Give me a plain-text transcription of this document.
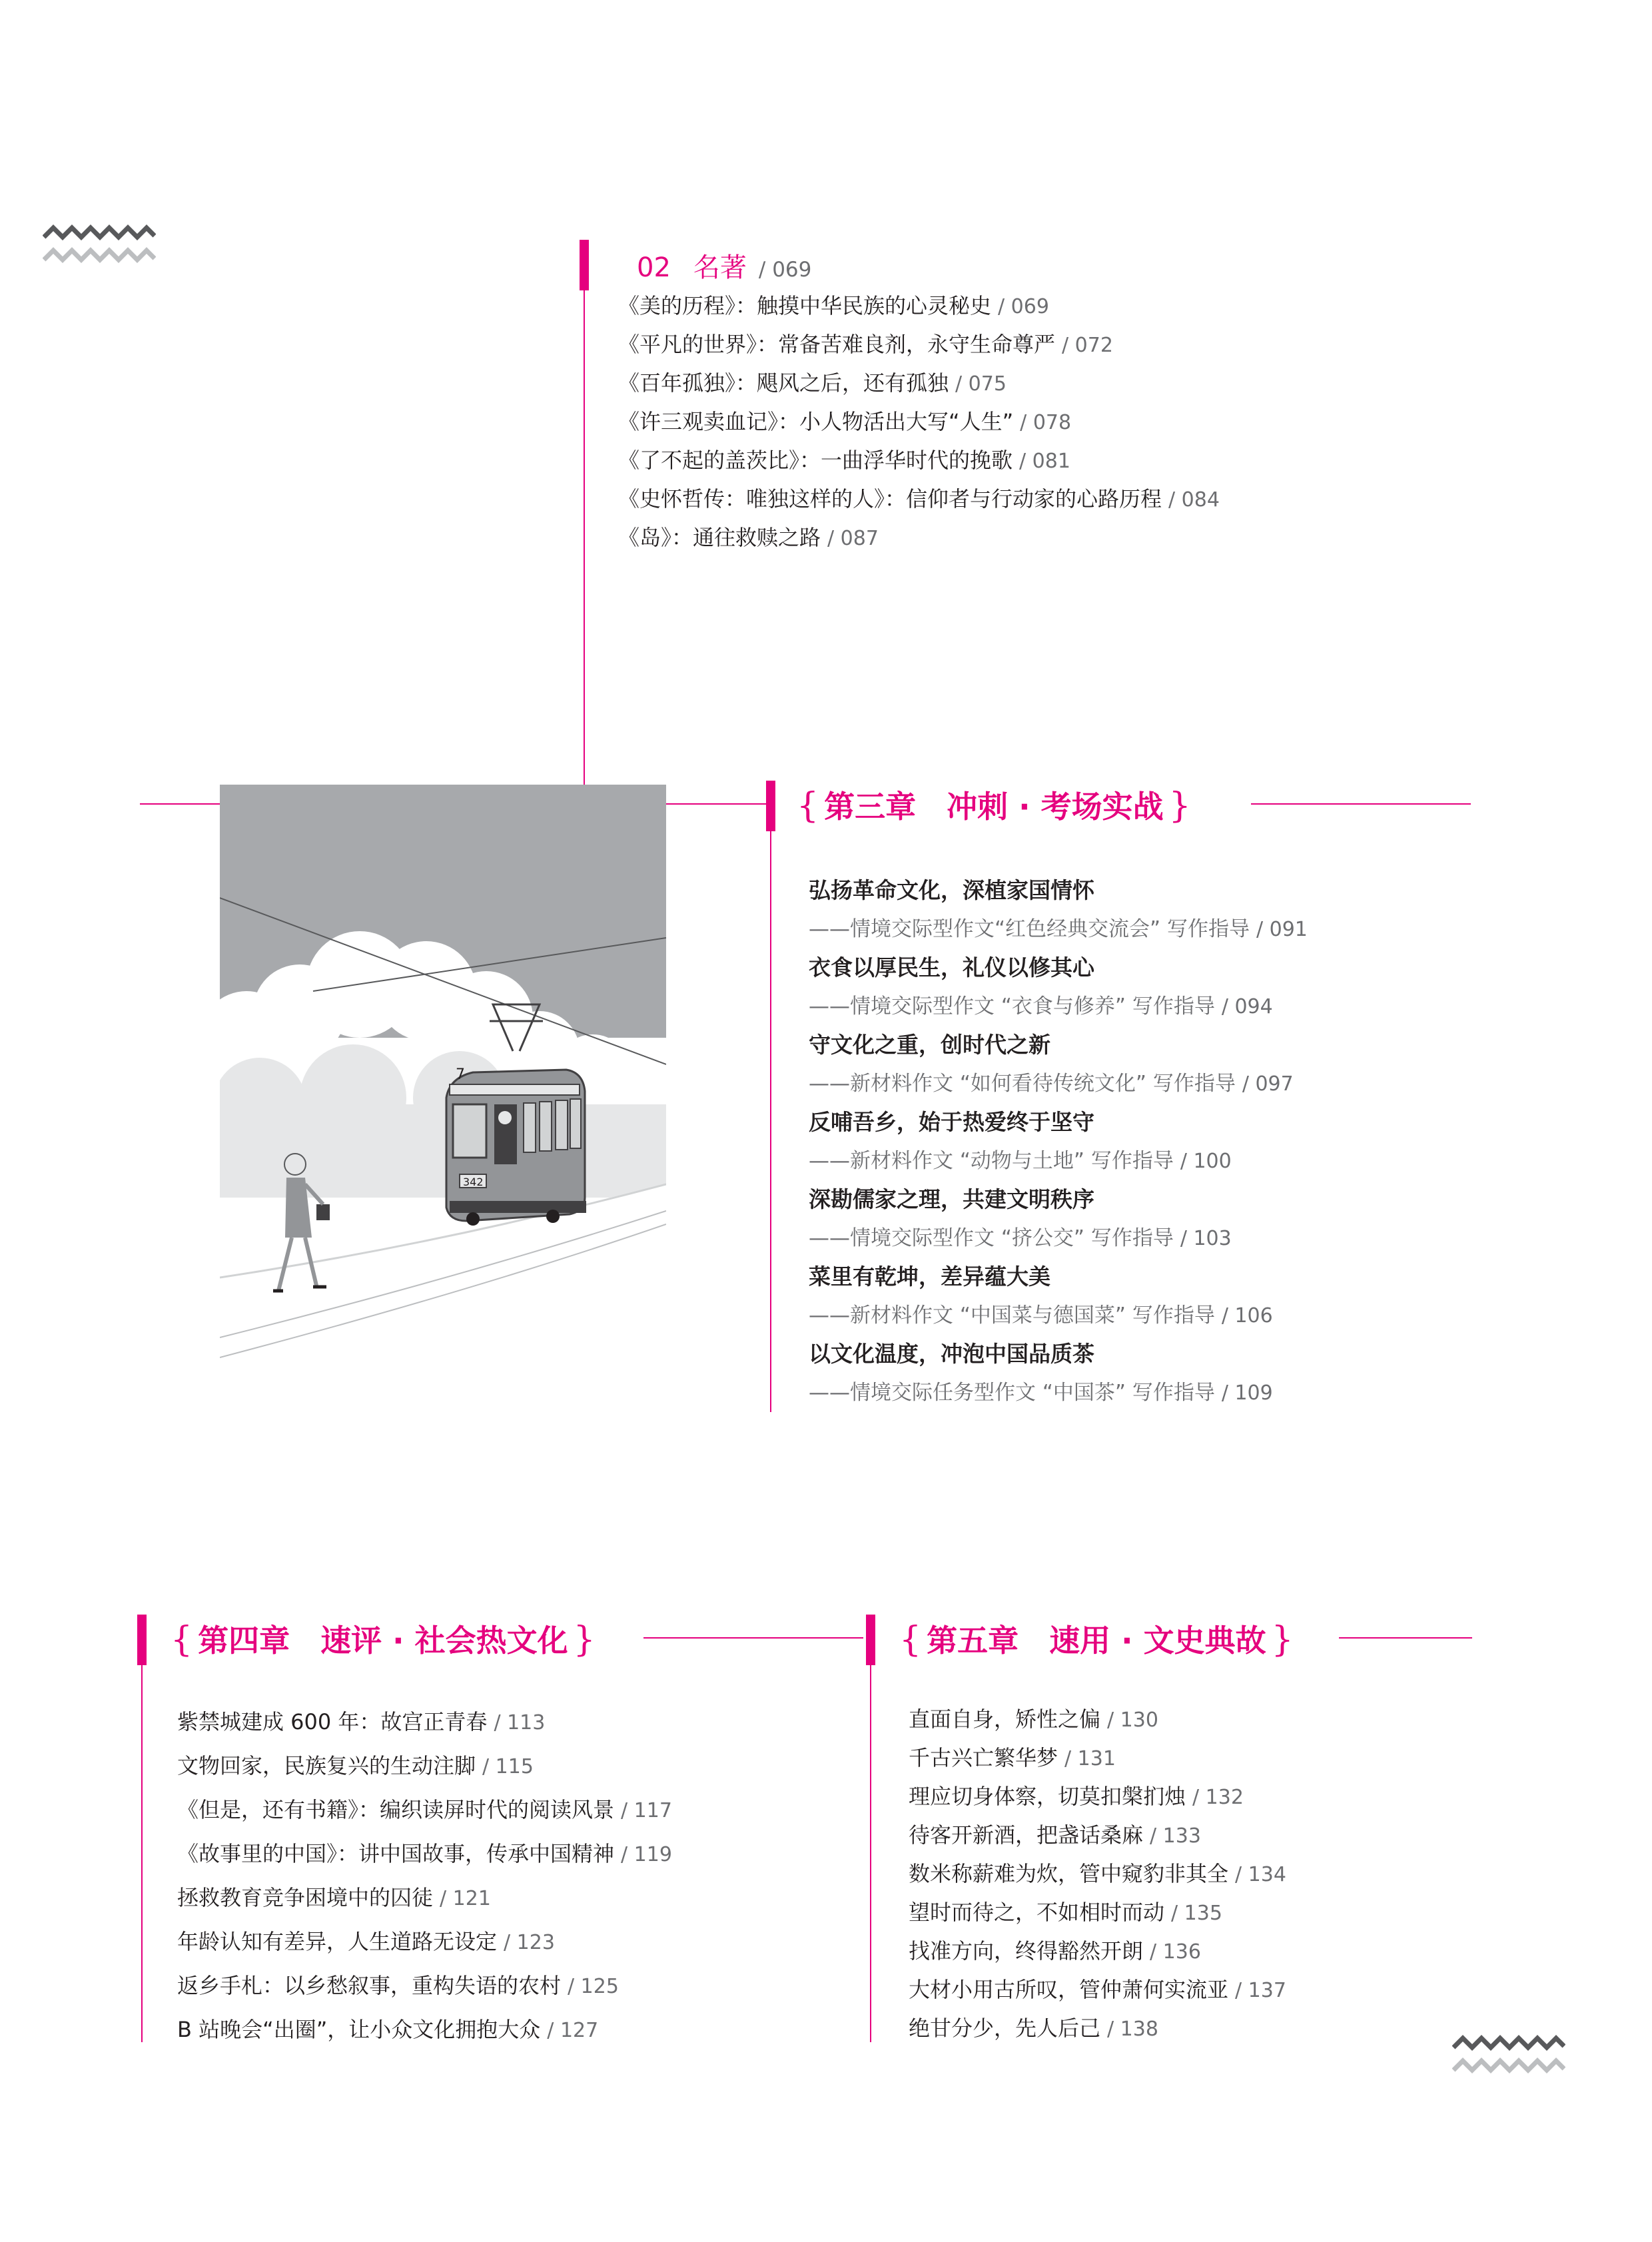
02 名著 / 069
《美的历程》：触摸中华民族的心灵秘史 / 069
《平凡的世界》：常备苦难良剂，永守生命尊严 / 072
《百年孤独》：飓风之后，还有孤独 / 075
《许三观卖血记》：小人物活出大写“人生” / 078
《了不起的盖茨比》：一曲浮华时代的挽歌 / 081
《史怀哲传：唯独这样的人》：信仰者与行动家的心路历程 / 084
《岛》：通往救赎之路 / 087
7
342
{ 第三章　冲刺 · 考场实战 }
弘扬革命文化，深植家国情怀
——情境交际型作文“红色经典交流会” 写作指导 / 091
衣食以厚民生，礼仪以修其心
——情境交际型作文 “衣食与修养” 写作指导 / 094
守文化之重，创时代之新
——新材料作文 “如何看待传统文化” 写作指导 / 097
反哺吾乡，始于热爱终于坚守
——新材料作文 “动物与土地” 写作指导 / 100
深勘儒家之理，共建文明秩序
——情境交际型作文 “挤公交” 写作指导 / 103
菜里有乾坤，差异蕴大美
——新材料作文 “中国菜与德国菜” 写作指导 / 106
以文化温度，冲泡中国品质茶
——情境交际任务型作文 “中国茶” 写作指导 / 109
{ 第四章　速评 · 社会热文化 }
紫禁城建成 600 年：故宫正青春 / 113
文物回家，民族复兴的生动注脚 / 115
《但是，还有书籍》：编织读屏时代的阅读风景 / 117
《故事里的中国》：讲中国故事，传承中国精神 / 119
拯救教育竞争困境中的囚徒 / 121
年龄认知有差异，人生道路无设定 / 123
返乡手札：以乡愁叙事，重构失语的农村 / 125
B 站晚会“出圈”，让小众文化拥抱大众 / 127
{ 第五章　速用 · 文史典故 }
直面自身，矫性之偏 / 130
千古兴亡繁华梦 / 131
理应切身体察，切莫扣槃扪烛 / 132
待客开新酒，把盏话桑麻 / 133
数米称薪难为炊，管中窥豹非其全 / 134
望时而待之，不如相时而动 / 135
找准方向，终得豁然开朗 / 136
大材小用古所叹，管仲萧何实流亚 / 137
绝甘分少，先人后己 / 138
